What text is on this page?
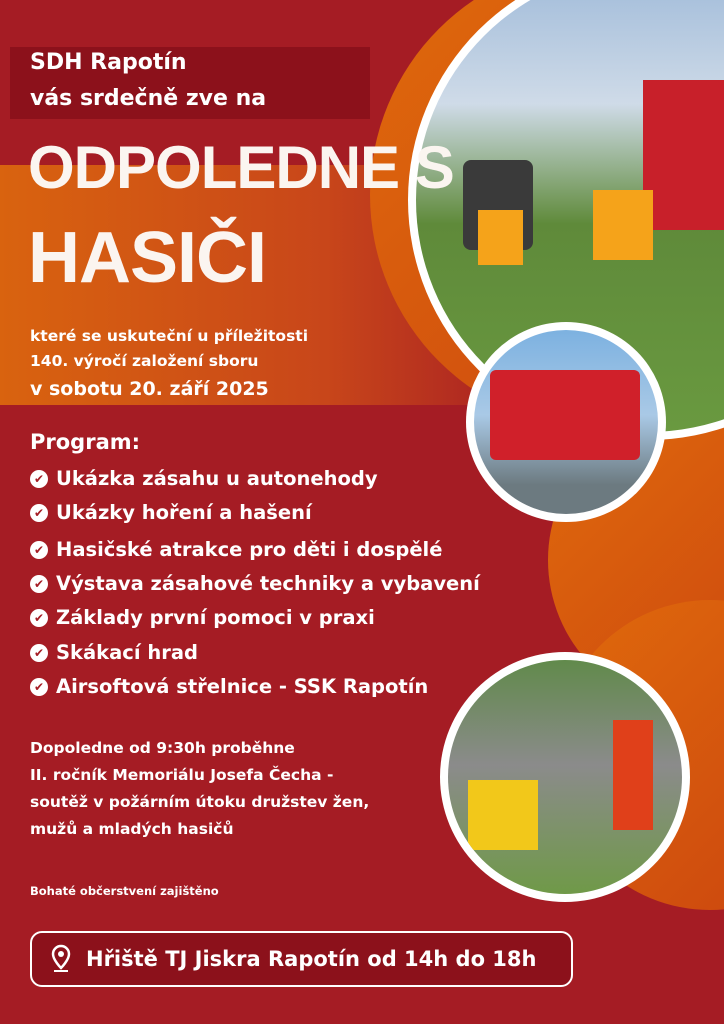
SDH Rapotín
vás srdečně zve na
ODPOLEDNE S
HASIČI
které se uskuteční u příležitosti
140. výročí založení sboru
v sobotu 20. září 2025
Program:
✔ Ukázka zásahu u autonehody
✔ Ukázky hoření a hašení
✔ Hasičské atrakce pro děti i dospělé
✔ Výstava zásahové techniky a vybavení
✔ Základy první pomoci v praxi
✔ Skákací hrad
✔ Airsoftová střelnice - SSK Rapotín
Dopoledne od 9:30h proběhne
II. ročník Memoriálu Josefa Čecha -
soutěž v požárním útoku družstev žen,
mužů a mladých hasičů
Bohaté občerstvení zajištěno
Hřiště TJ Jiskra Rapotín od 14h do 18h
